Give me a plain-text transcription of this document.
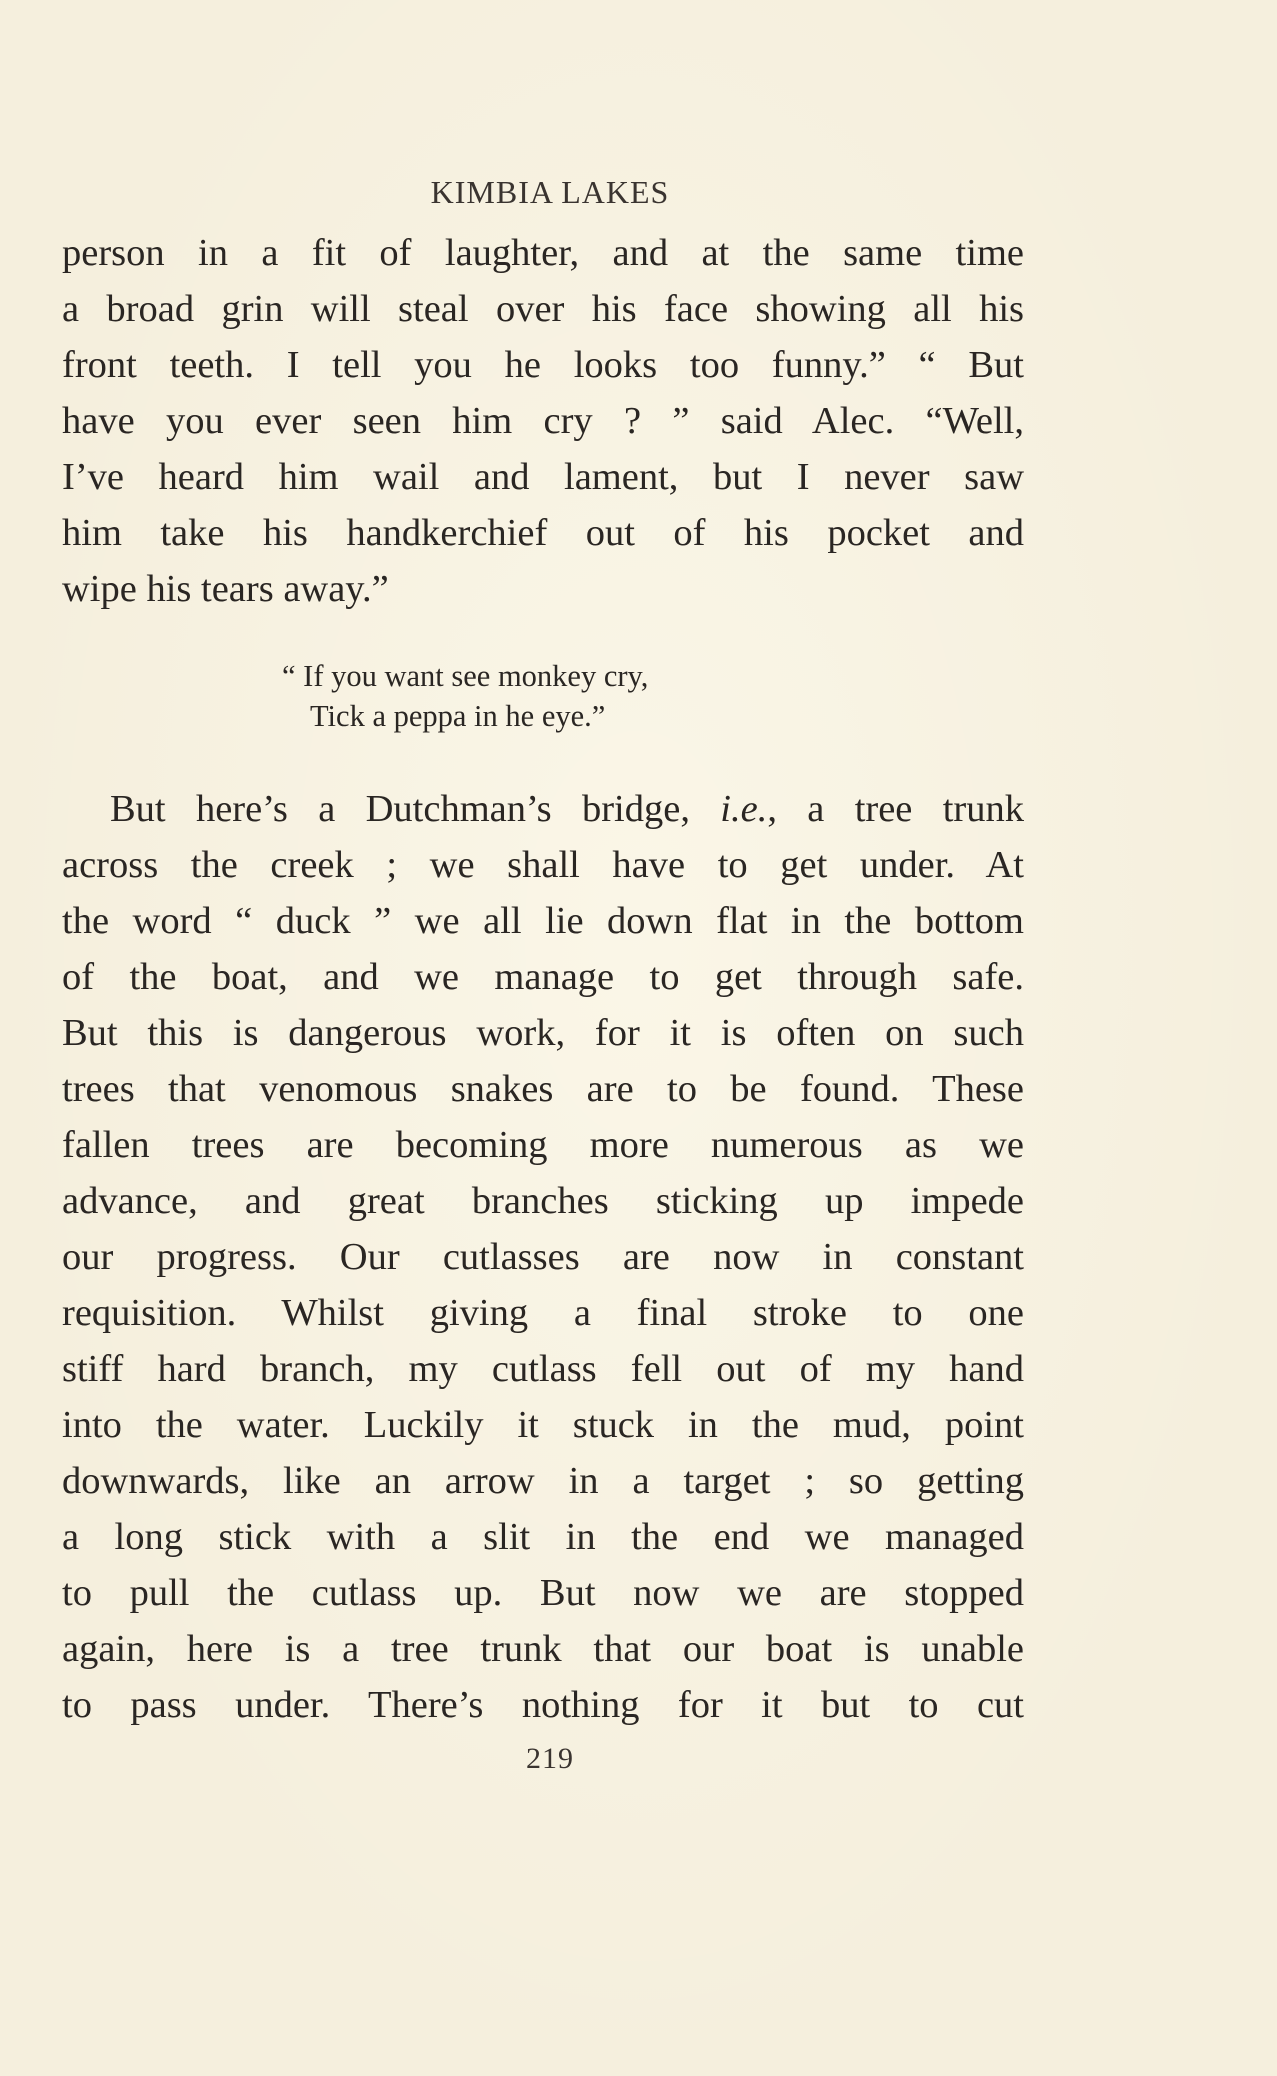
KIMBIA LAKES
person in a fit of laughter, and at the same time
a broad grin will steal over his face showing all his
front teeth. I tell you he looks too funny.” “ But
have you ever seen him cry ? ” said Alec. “Well,
I’ve heard him wail and lament, but I never saw
him take his handkerchief out of his pocket and
wipe his tears away.”
“ If you want see monkey cry,
Tick a peppa in he eye.”
But here’s a Dutchman’s bridge, i.e., a tree trunk
across the creek ; we shall have to get under. At
the word “ duck ” we all lie down flat in the bottom
of the boat, and we manage to get through safe.
But this is dangerous work, for it is often on such
trees that venomous snakes are to be found. These
fallen trees are becoming more numerous as we
advance, and great branches sticking up impede
our progress. Our cutlasses are now in constant
requisition. Whilst giving a final stroke to one
stiff hard branch, my cutlass fell out of my hand
into the water. Luckily it stuck in the mud, point
downwards, like an arrow in a target ; so getting
a long stick with a slit in the end we managed
to pull the cutlass up. But now we are stopped
again, here is a tree trunk that our boat is unable
to pass under. There’s nothing for it but to cut
219
